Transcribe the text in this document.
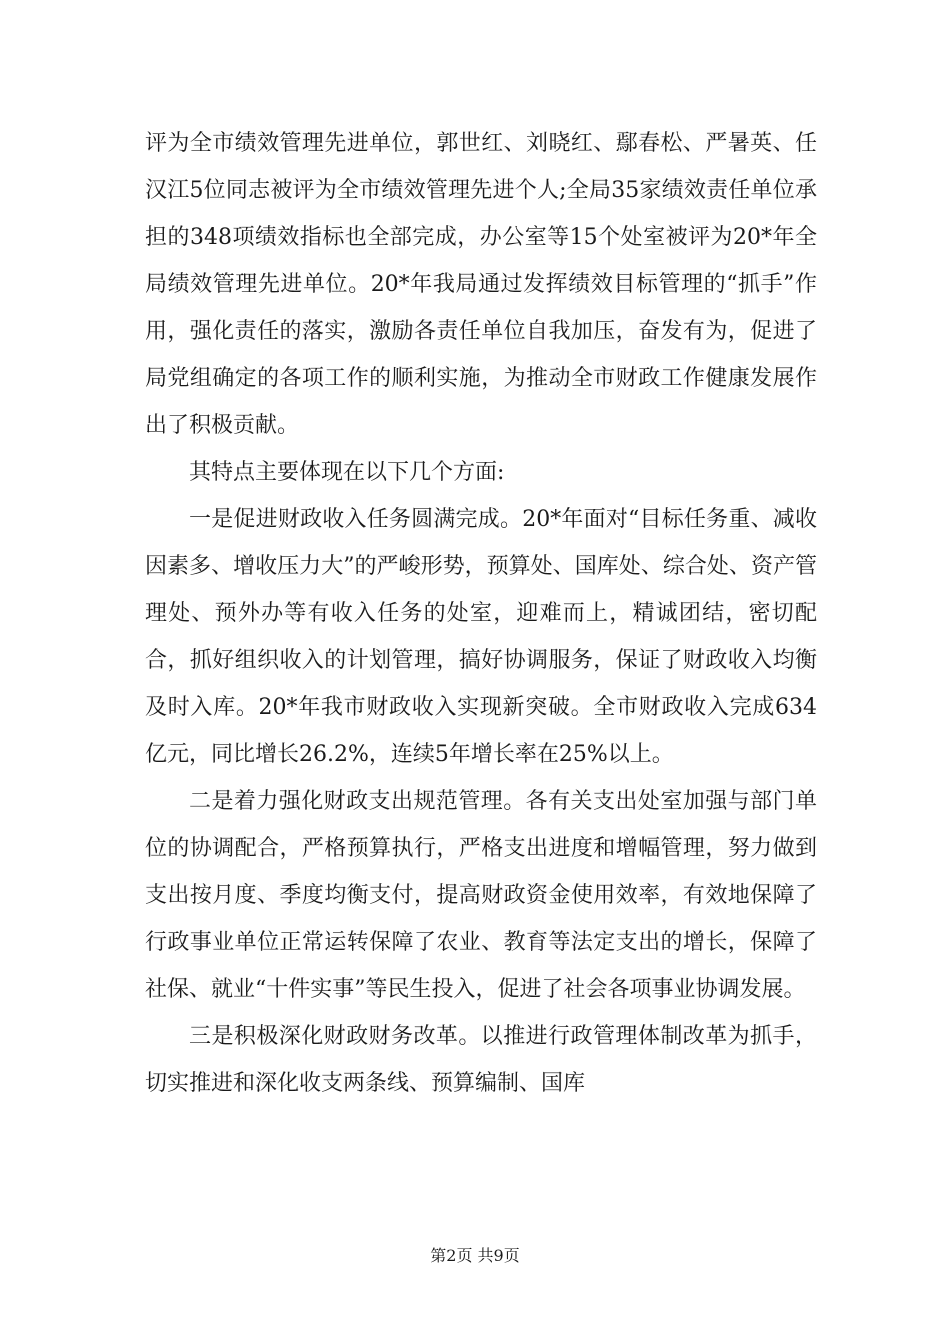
评为全市绩效管理先进单位，郭世红、刘晓红、鄢春松、严暑英、任汉江5位同志被评为全市绩效管理先进个人;全局35家绩效责任单位承担的348项绩效指标也全部完成，办公室等15个处室被评为20*年全局绩效管理先进单位。20*年我局通过发挥绩效目标管理的“抓手”作用，强化责任的落实，激励各责任单位自我加压，奋发有为，促进了局党组确定的各项工作的顺利实施，为推动全市财政工作健康发展作出了积极贡献。

其特点主要体现在以下几个方面:

一是促进财政收入任务圆满完成。20*年面对“目标任务重、减收因素多、增收压力大”的严峻形势，预算处、国库处、综合处、资产管理处、预外办等有收入任务的处室，迎难而上，精诚团结，密切配合，抓好组织收入的计划管理，搞好协调服务，保证了财政收入均衡及时入库。20*年我市财政收入实现新突破。全市财政收入完成634亿元，同比增长26.2%，连续5年增长率在25%以上。

二是着力强化财政支出规范管理。各有关支出处室加强与部门单位的协调配合，严格预算执行，严格支出进度和增幅管理，努力做到支出按月度、季度均衡支付，提高财政资金使用效率，有效地保障了行政事业单位正常运转保障了农业、教育等法定支出的增长，保障了社保、就业“十件实事”等民生投入，促进了社会各项事业协调发展。

三是积极深化财政财务改革。以推进行政管理体制改革为抓手，切实推进和深化收支两条线、预算编制、国库

第2页 共9页
